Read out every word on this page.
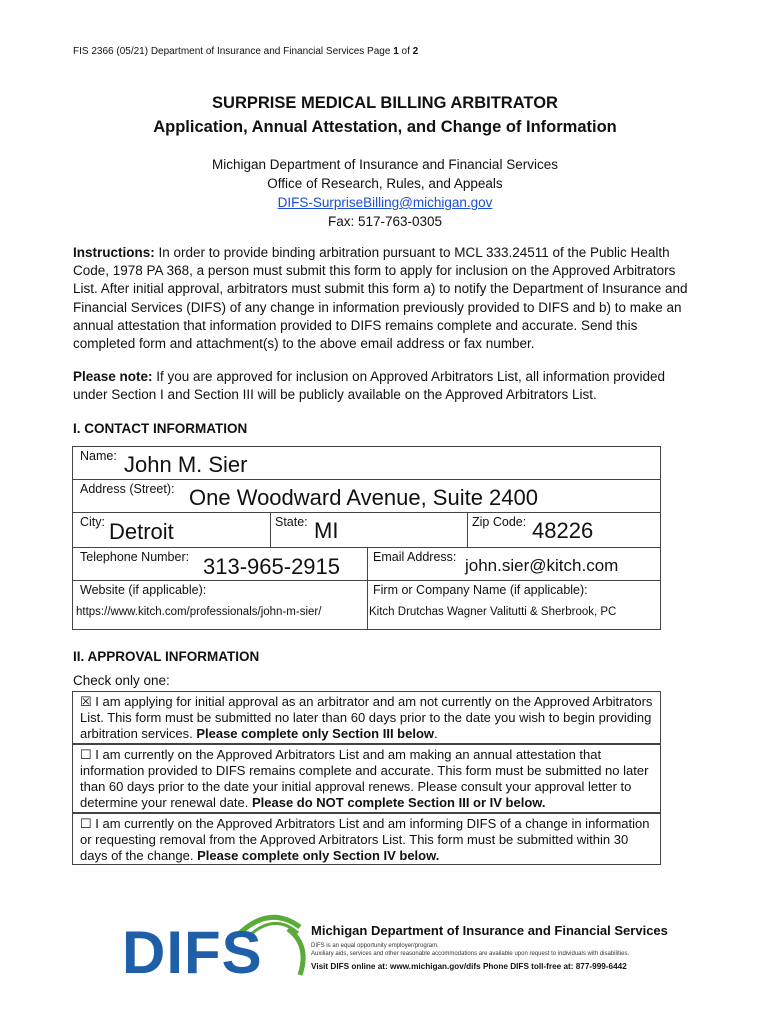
FIS 2366 (05/21) Department of Insurance and Financial Services Page 1 of 2
SURPRISE MEDICAL BILLING ARBITRATOR
Application, Annual Attestation, and Change of Information
Michigan Department of Insurance and Financial Services
Office of Research, Rules, and Appeals
DIFS-SurpriseBilling@michigan.gov
Fax: 517-763-0305
Instructions: In order to provide binding arbitration pursuant to MCL 333.24511 of the Public Health Code, 1978 PA 368, a person must submit this form to apply for inclusion on the Approved Arbitrators List. After initial approval, arbitrators must submit this form a) to notify the Department of Insurance and Financial Services (DIFS) of any change in information previously provided to DIFS and b) to make an annual attestation that information provided to DIFS remains complete and accurate. Send this completed form and attachment(s) to the above email address or fax number.
Please note: If you are approved for inclusion on Approved Arbitrators List, all information provided under Section I and Section III will be publicly available on the Approved Arbitrators List.
I. CONTACT INFORMATION
Name: John M. Sier
Address (Street): One Woodward Avenue, Suite 2400
City: Detroit	State: MI	Zip Code: 48226
Telephone Number: 313-965-2915	Email Address: john.sier@kitch.com
Website (if applicable):
https://www.kitch.com/professionals/john-m-sier/
Firm or Company Name (if applicable):
Kitch Drutchas Wagner Valitutti & Sherbrook, PC
II. APPROVAL INFORMATION
Check only one:
☒ I am applying for initial approval as an arbitrator and am not currently on the Approved Arbitrators List. This form must be submitted no later than 60 days prior to the date you wish to begin providing arbitration services. Please complete only Section III below.
☐ I am currently on the Approved Arbitrators List and am making an annual attestation that information provided to DIFS remains complete and accurate. This form must be submitted no later than 60 days prior to the date your initial approval renews. Please consult your approval letter to determine your renewal date. Please do NOT complete Section III or IV below.
☐ I am currently on the Approved Arbitrators List and am informing DIFS of a change in information or requesting removal from the Approved Arbitrators List. This form must be submitted within 30 days of the change. Please complete only Section IV below.
DIFS	Michigan Department of Insurance and Financial Services
DIFS is an equal opportunity employer/program.
Auxiliary aids, services and other reasonable accommodations are available upon request to individuals with disabilities.
Visit DIFS online at: www.michigan.gov/difs Phone DIFS toll-free at: 877-999-6442
